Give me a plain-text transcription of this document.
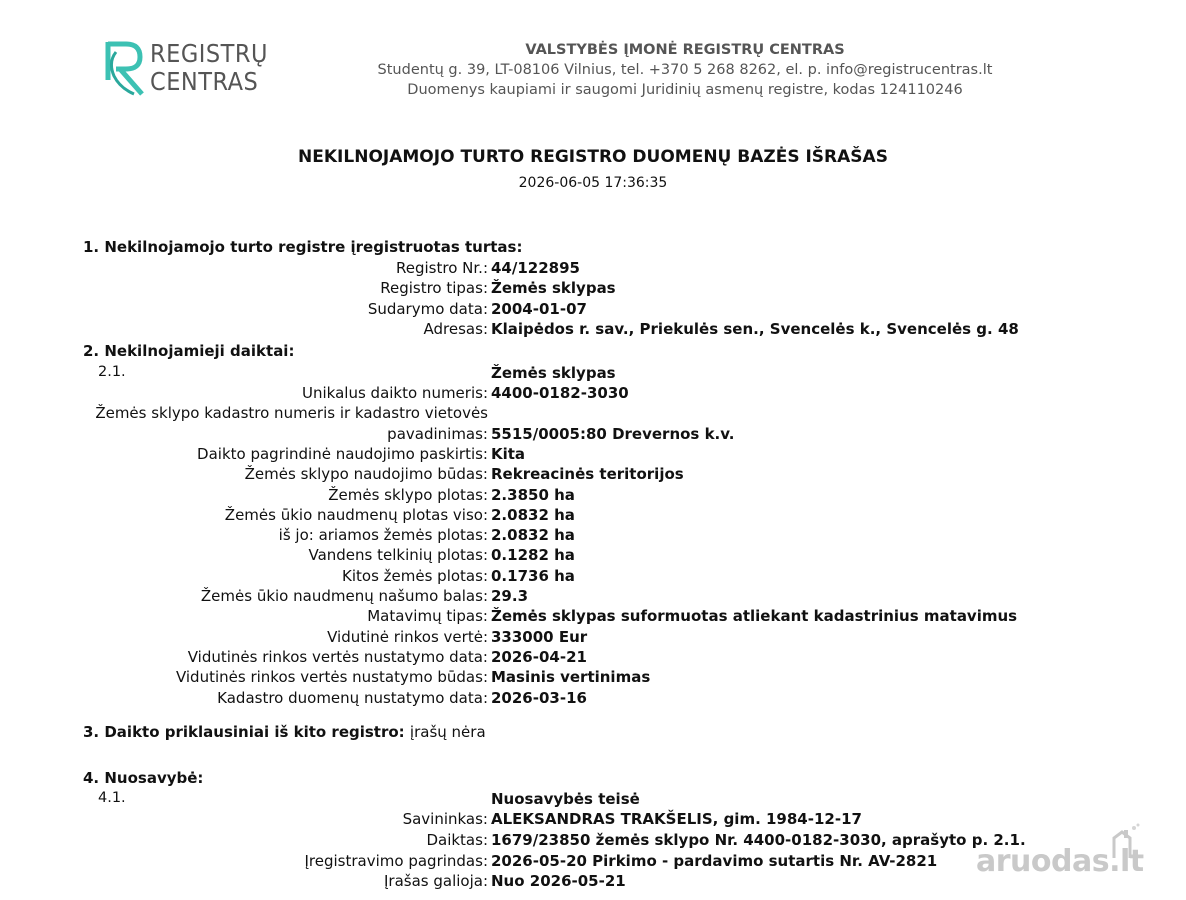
REGISTRŲ
CENTRAS
VALSTYBĖS ĮMONĖ REGISTRŲ CENTRAS
Studentų g. 39, LT-08106 Vilnius, tel. +370 5 268 8262, el. p. info@registrucentras.lt
Duomenys kaupiami ir saugomi Juridinių asmenų registre, kodas 124110246
NEKILNOJAMOJO TURTO REGISTRO DUOMENŲ BAZĖS IŠRAŠAS
2026-06-05 17:36:35
1. Nekilnojamojo turto registre įregistruotas turtas:
Registro Nr.: 44/122895
Registro tipas: Žemės sklypas
Sudarymo data: 2004-01-07
Adresas: Klaipėdos r. sav., Priekulės sen., Svencelės k., Svencelės g. 48
2. Nekilnojamieji daiktai:
2.1.	Žemės sklypas
Unikalus daikto numeris: 4400-0182-3030
Žemės sklypo kadastro numeris ir kadastro vietovės
pavadinimas: 5515/0005:80 Drevernos k.v.
Daikto pagrindinė naudojimo paskirtis: Kita
Žemės sklypo naudojimo būdas: Rekreacinės teritorijos
Žemės sklypo plotas: 2.3850 ha
Žemės ūkio naudmenų plotas viso: 2.0832 ha
iš jo: ariamos žemės plotas: 2.0832 ha
Vandens telkinių plotas: 0.1282 ha
Kitos žemės plotas: 0.1736 ha
Žemės ūkio naudmenų našumo balas: 29.3
Matavimų tipas: Žemės sklypas suformuotas atliekant kadastrinius matavimus
Vidutinė rinkos vertė: 333000 Eur
Vidutinės rinkos vertės nustatymo data: 2026-04-21
Vidutinės rinkos vertės nustatymo būdas: Masinis vertinimas
Kadastro duomenų nustatymo data: 2026-03-16
3. Daikto priklausiniai iš kito registro: įrašų nėra
4. Nuosavybė:
4.1.	Nuosavybės teisė
Savininkas: ALEKSANDRAS TRAKŠELIS, gim. 1984-12-17
Daiktas: 1679/23850 žemės sklypo Nr. 4400-0182-3030, aprašyto p. 2.1.
Įregistravimo pagrindas: 2026-05-20 Pirkimo - pardavimo sutartis Nr. AV-2821
Įrašas galioja: Nuo 2026-05-21
aruodas.lt
